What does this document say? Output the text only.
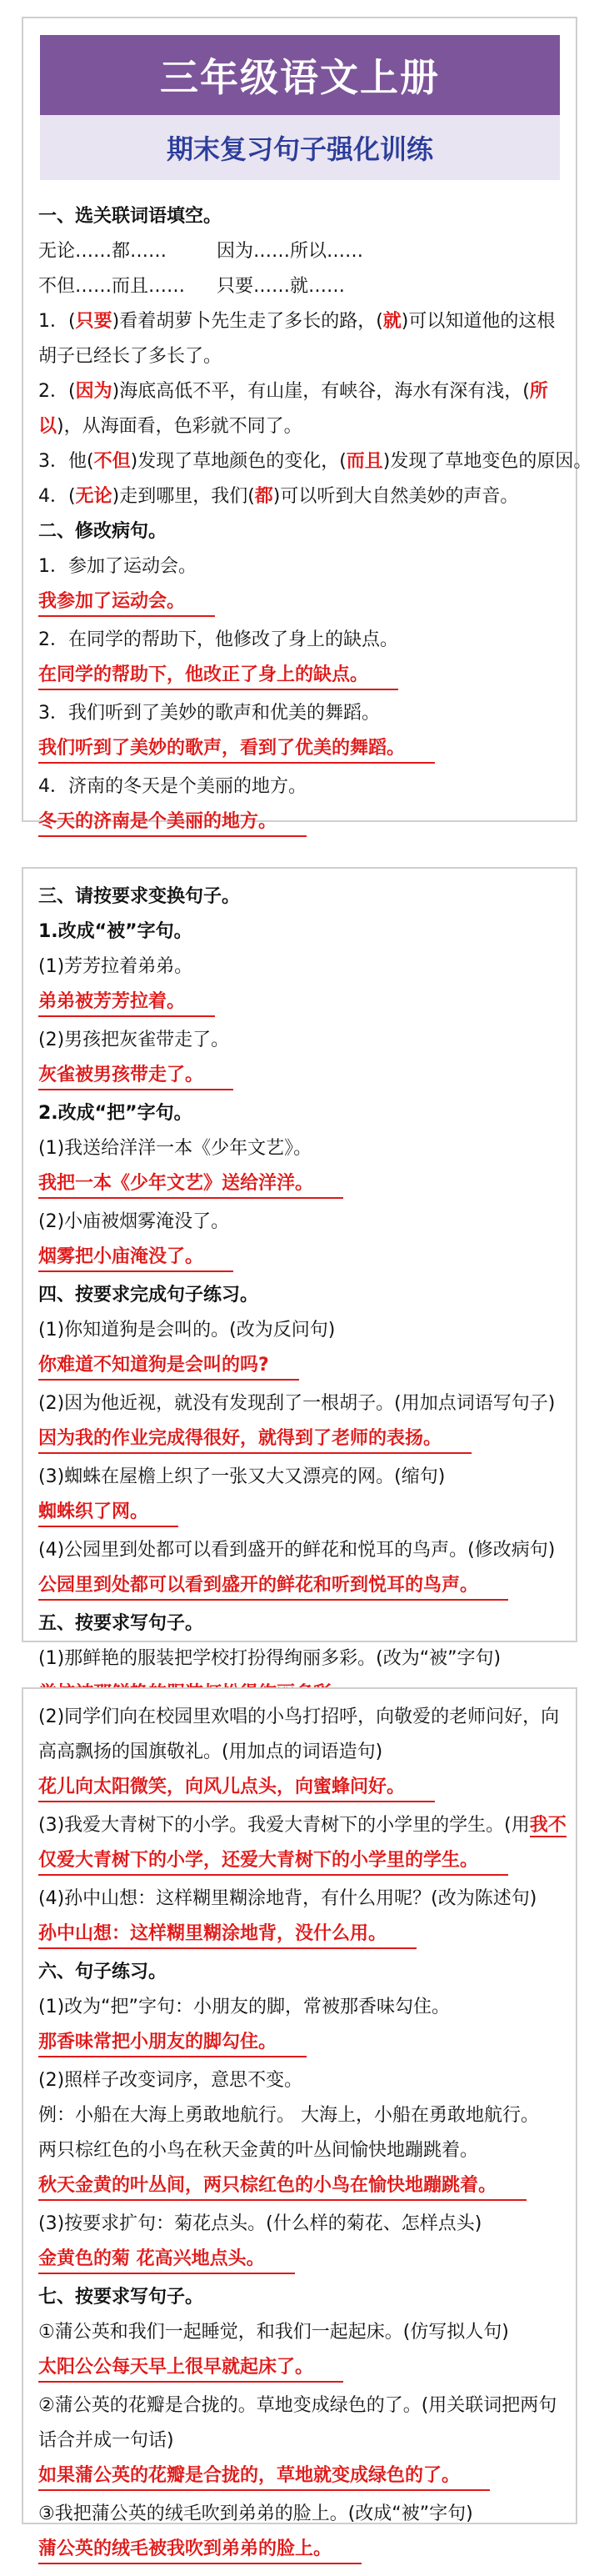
三年级语文上册
期末复习句子强化训练
一、选关联词语填空。
无论……都……	因为……所以……
不但……而且…… 只要……就……
1．(只要)看着胡萝卜先生走了多长的路，(就)可以知道他的这根
胡子已经长了多长了。
2．(因为)海底高低不平，有山崖，有峡谷，海水有深有浅，(所
以)，从海面看，色彩就不同了。
3．他(不但)发现了草地颜色的变化，(而且)发现了草地变色的原因。
4．(无论)走到哪里，我们(都)可以听到大自然美妙的声音。
二、修改病句。
1．参加了运动会。
我参加了运动会。
2．在同学的帮助下，他修改了身上的缺点。
在同学的帮助下，他改正了身上的缺点。
3．我们听到了美妙的歌声和优美的舞蹈。
我们听到了美妙的歌声，看到了优美的舞蹈。
4．济南的冬天是个美丽的地方。
冬天的济南是个美丽的地方。
三、请按要求变换句子。
1.改成“被”字句。
(1)芳芳拉着弟弟。
弟弟被芳芳拉着。
(2)男孩把灰雀带走了。
灰雀被男孩带走了。
2.改成“把”字句。
(1)我送给洋洋一本《少年文艺》。
我把一本《少年文艺》送给洋洋。
(2)小庙被烟雾淹没了。
烟雾把小庙淹没了。
四、按要求完成句子练习。
(1)你知道狗是会叫的。(改为反问句)
你难道不知道狗是会叫的吗?
(2)因为他近视，就没有发现刮了一根胡子。(用加点词语写句子)
因为我的作业完成得很好，就得到了老师的表扬。
(3)蜘蛛在屋檐上织了一张又大又漂亮的网。(缩句)
蜘蛛织了网。
(4)公园里到处都可以看到盛开的鲜花和悦耳的鸟声。(修改病句)
公园里到处都可以看到盛开的鲜花和听到悦耳的鸟声。
五、按要求写句子。
(1)那鲜艳的服装把学校打扮得绚丽多彩。(改为“被”字句)
(2)同学们向在校园里欢唱的小鸟打招呼，向敬爱的老师问好，向
高高飘扬的国旗敬礼。(用加点的词语造句)
花儿向太阳微笑，向风儿点头，向蜜蜂问好。
(3)我爱大青树下的小学。我爱大青树下的小学里的学生。(用我不
仅爱大青树下的小学，还爱大青树下的小学里的学生。
(4)孙中山想：这样糊里糊涂地背，有什么用呢？(改为陈述句)
孙中山想：这样糊里糊涂地背，没什么用。
六、句子练习。
(1)改为“把”字句：小朋友的脚，常被那香味勾住。
那香味常把小朋友的脚勾住。
(2)照样子改变词序，意思不变。
例：小船在大海上勇敢地航行。 大海上，小船在勇敢地航行。
两只棕红色的小鸟在秋天金黄的叶丛间愉快地蹦跳着。
秋天金黄的叶丛间，两只棕红色的小鸟在愉快地蹦跳着。
(3)按要求扩句：菊花点头。(什么样的菊花、怎样点头)
金黄色的菊 花高兴地点头。
七、按要求写句子。
①蒲公英和我们一起睡觉，和我们一起起床。(仿写拟人句)
太阳公公每天早上很早就起床了。
②蒲公英的花瓣是合拢的。草地变成绿色的了。(用关联词把两句
话合并成一句话)
如果蒲公英的花瓣是合拢的，草地就变成绿色的了。
③我把蒲公英的绒毛吹到弟弟的脸上。(改成“被”字句)
蒲公英的绒毛被我吹到弟弟的脸上。
